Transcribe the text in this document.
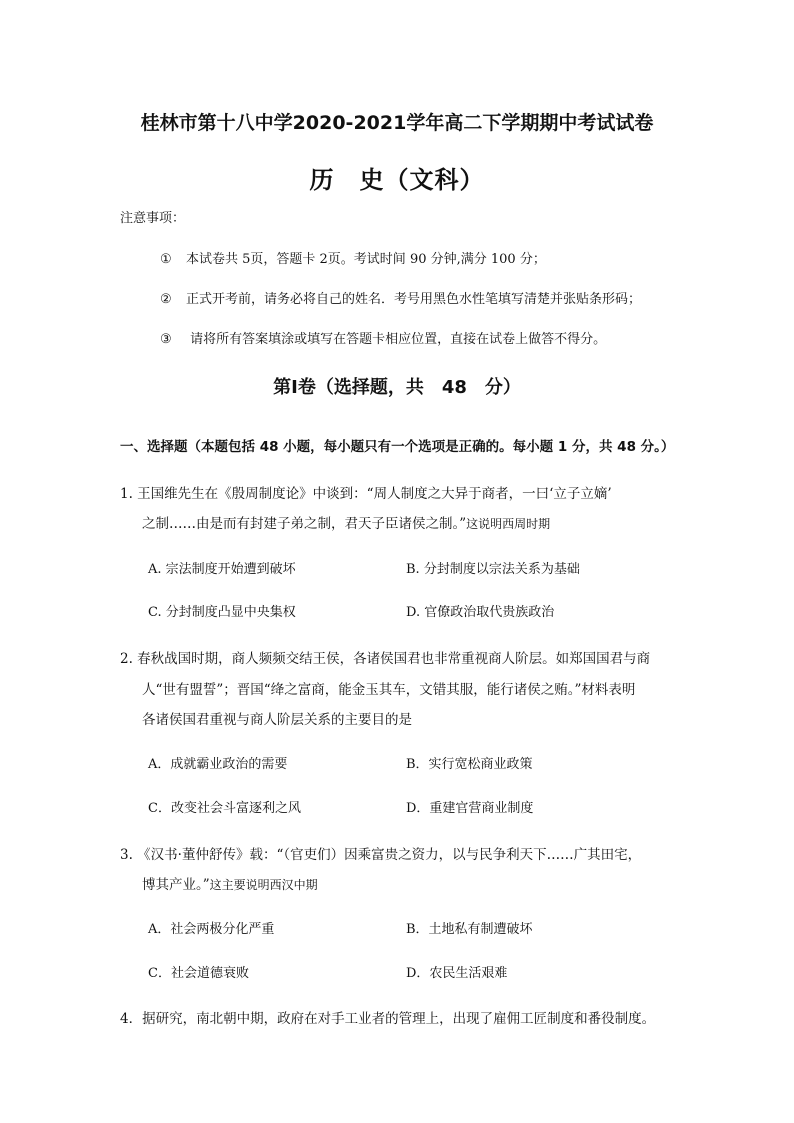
桂林市第十八中学2020-2021学年高二下学期期中考试试卷
历　史（文科）
注意事项：
① 本试卷共 5页，答题卡 2页。考试时间 90 分钟,满分 100 分；
② 正式开考前，请务必将自己的姓名．考号用黑色水性笔填写清楚并张贴条形码；
③ 请将所有答案填涂或填写在答题卡相应位置，直接在试卷上做答不得分。
第Ⅰ卷（选择题，共　48　分）
一、选择题（本题包括 48 小题，每小题只有一个选项是正确的。每小题 1 分，共 48 分。）
1. 王国维先生在《殷周制度论》中谈到：“周人制度之大异于商者，一曰‘立子立嫡’
之制……由是而有封建子弟之制，君天子臣诸侯之制。”这说明西周时期
A. 宗法制度开始遭到破坏	B. 分封制度以宗法关系为基础
C. 分封制度凸显中央集权	D. 官僚政治取代贵族政治
2. 春秋战国时期，商人频频交结王侯，各诸侯国君也非常重视商人阶层。如郑国国君与商
人“世有盟誓”；晋国“绛之富商，能金玉其车，文错其服，能行诸侯之贿。”材料表明
各诸侯国君重视与商人阶层关系的主要目的是
A．成就霸业政治的需要	B．实行宽松商业政策
C．改变社会斗富逐利之风	D．重建官营商业制度
3. 《汉书·董仲舒传》载：“（官吏们）因乘富贵之资力，以与民争利天下……广其田宅，
博其产业。”这主要说明西汉中期
A．社会两极分化严重	B．土地私有制遭破坏
C．社会道德衰败	D．农民生活艰难
4．据研究，南北朝中期，政府在对手工业者的管理上，出现了雇佣工匠制度和番役制度。
